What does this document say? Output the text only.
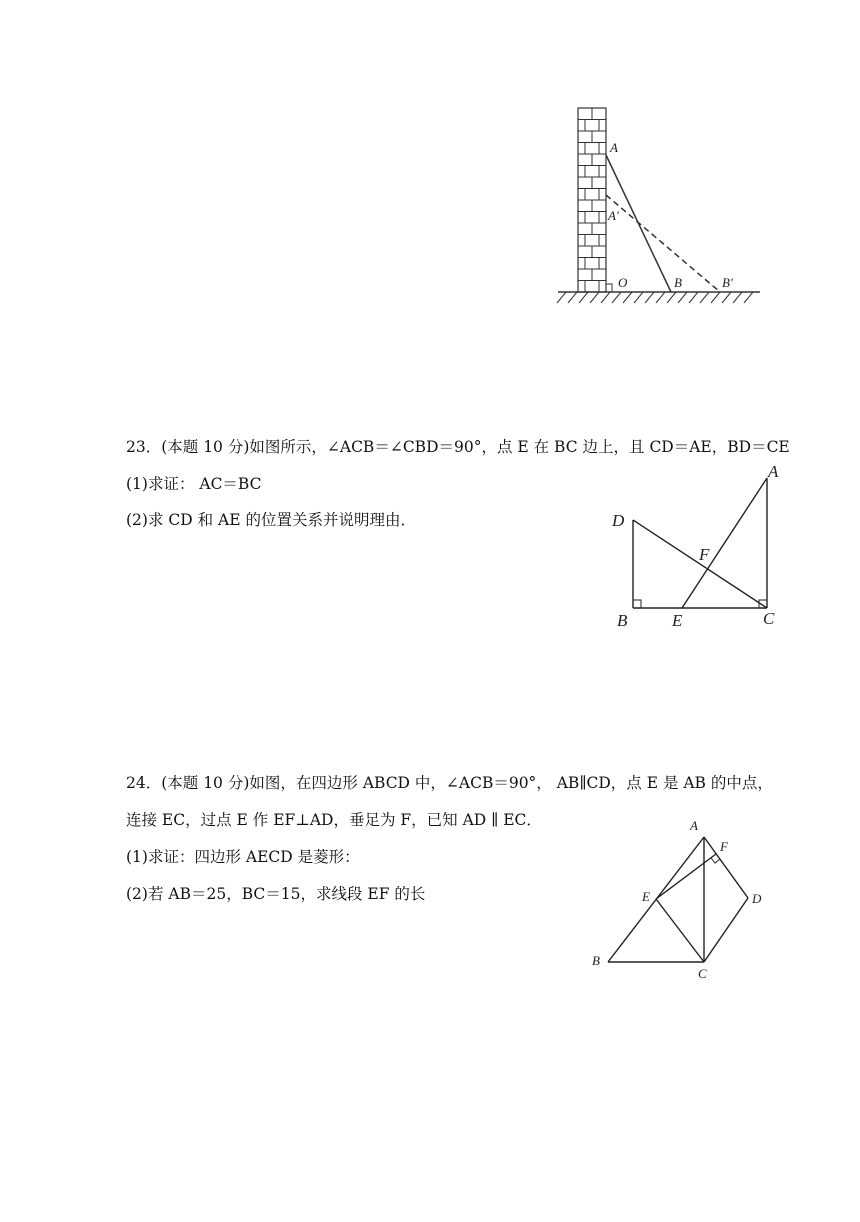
A
A'
O	B	B'
23．(本题 10 分)如图所示，∠ACB＝∠CBD＝90°，点 E 在 BC 边上，且 CD＝AE，BD＝CE
(1)求证： AC＝BC
(2)求 CD 和 AE 的位置关系并说明理由．
A
D
F
B	E	C
24．(本题 10 分)如图，在四边形 ABCD 中，∠ACB＝90°， AB∥CD，点 E 是 AB 的中点，
连接 EC，过点 E 作 EF⊥AD，垂足为 F，已知 AD ∥ EC．
(1)求证：四边形 AECD 是菱形：
(2)若 AB＝25，BC＝15，求线段 EF 的长
A
F
E	D
B
C
